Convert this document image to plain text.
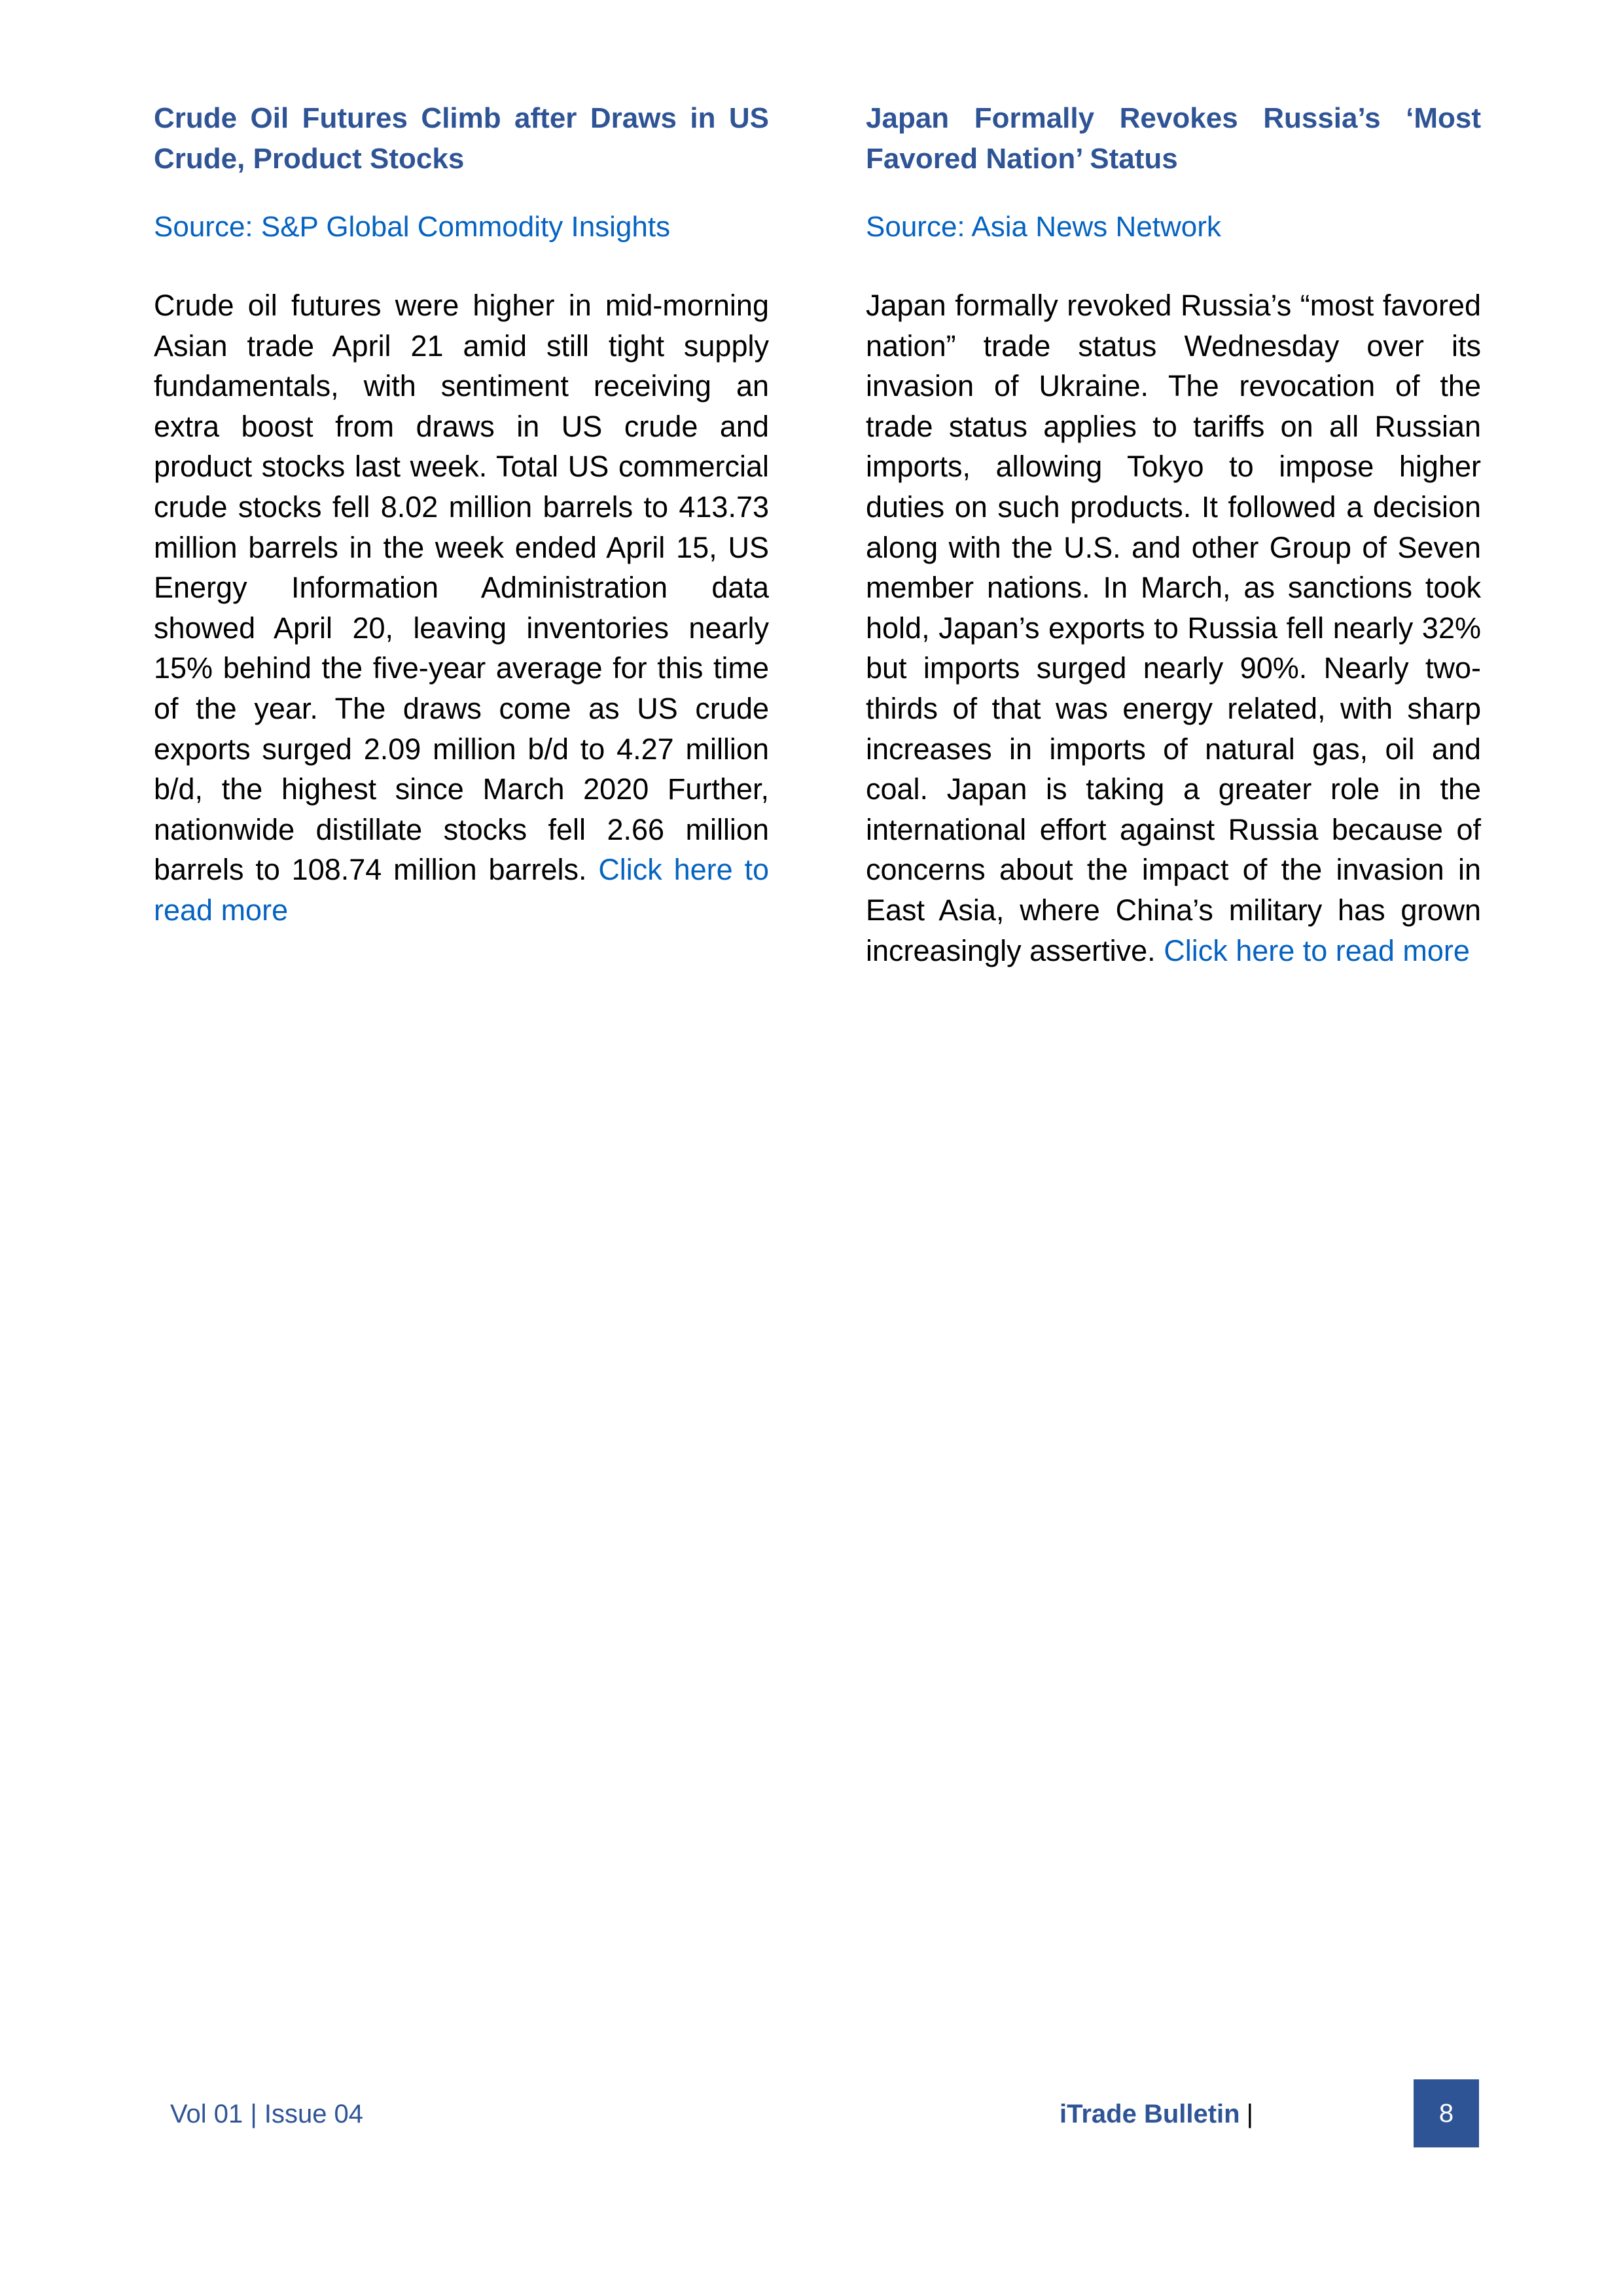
Crude Oil Futures Climb after Draws in US Crude, Product Stocks

Source: S&P Global Commodity Insights

Crude oil futures were higher in mid-morning Asian trade April 21 amid still tight supply fundamentals, with sentiment receiving an extra boost from draws in US crude and product stocks last week. Total US commercial crude stocks fell 8.02 million barrels to 413.73 million barrels in the week ended April 15, US Energy Information Administration data showed April 20, leaving inventories nearly 15% behind the five-year average for this time of the year. The draws come as US crude exports surged 2.09 million b/d to 4.27 million b/d, the highest since March 2020 Further, nationwide distillate stocks fell 2.66 million barrels to 108.74 million barrels. Click here to read more

Japan Formally Revokes Russia’s ‘Most Favored Nation’ Status

Source: Asia News Network

Japan formally revoked Russia’s “most favored nation” trade status Wednesday over its invasion of Ukraine. The revocation of the trade status applies to tariffs on all Russian imports, allowing Tokyo to impose higher duties on such products. It followed a decision along with the U.S. and other Group of Seven member nations. In March, as sanctions took hold, Japan’s exports to Russia fell nearly 32% but imports surged nearly 90%. Nearly two-thirds of that was energy related, with sharp increases in imports of natural gas, oil and coal. Japan is taking a greater role in the international effort against Russia because of concerns about the impact of the invasion in East Asia, where China’s military has grown increasingly assertive. Click here to read more

Vol 01 | Issue 04	iTrade Bulletin |	8
